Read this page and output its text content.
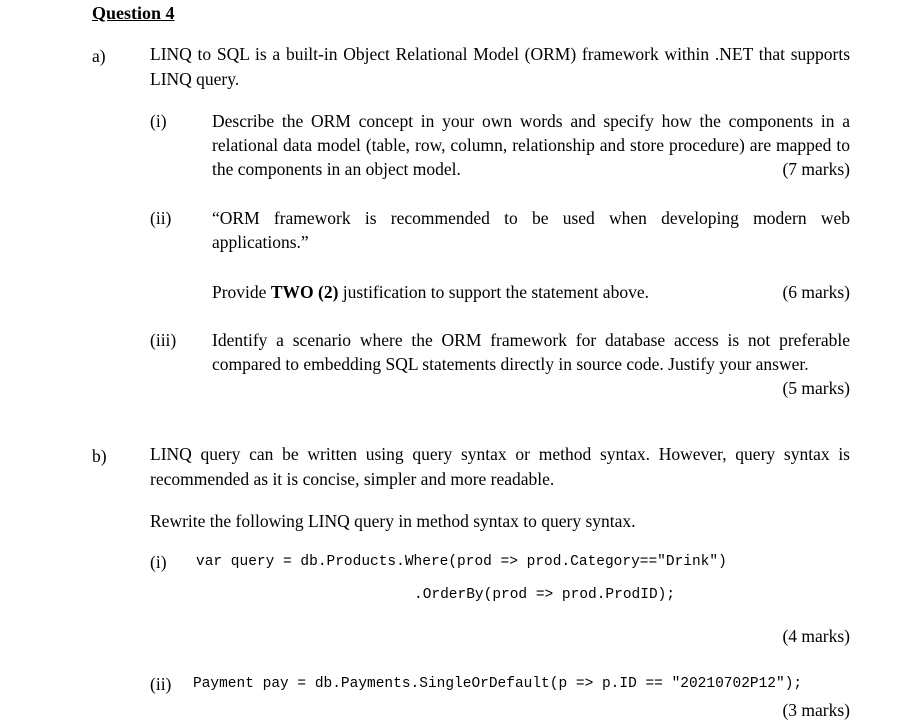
Question 4
a)	LINQ to SQL is a built-in Object Relational Model (ORM) framework within .NET that supports LINQ query.
(i)	Describe the ORM concept in your own words and specify how the components in a relational data model (table, row, column, relationship and store procedure) are mapped to the components in an object model.	(7 marks)
(ii) “ORM framework is recommended to be used when developing modern web applications.”
Provide TWO (2) justification to support the statement above.	(6 marks)
(iii) Identify a scenario where the ORM framework for database access is not preferable compared to embedding SQL statements directly in source code. Justify your answer.
(5 marks)
b) LINQ query can be written using query syntax or method syntax. However, query syntax is recommended as it is concise, simpler and more readable.
Rewrite the following LINQ query in method syntax to query syntax.
(i) var query = db.Products.Where(prod => prod.Category=="Drink")
.OrderBy(prod => prod.ProdID);
(4 marks)
(ii) Payment pay = db.Payments.SingleOrDefault(p => p.ID == "20210702P12");
(3 marks)
